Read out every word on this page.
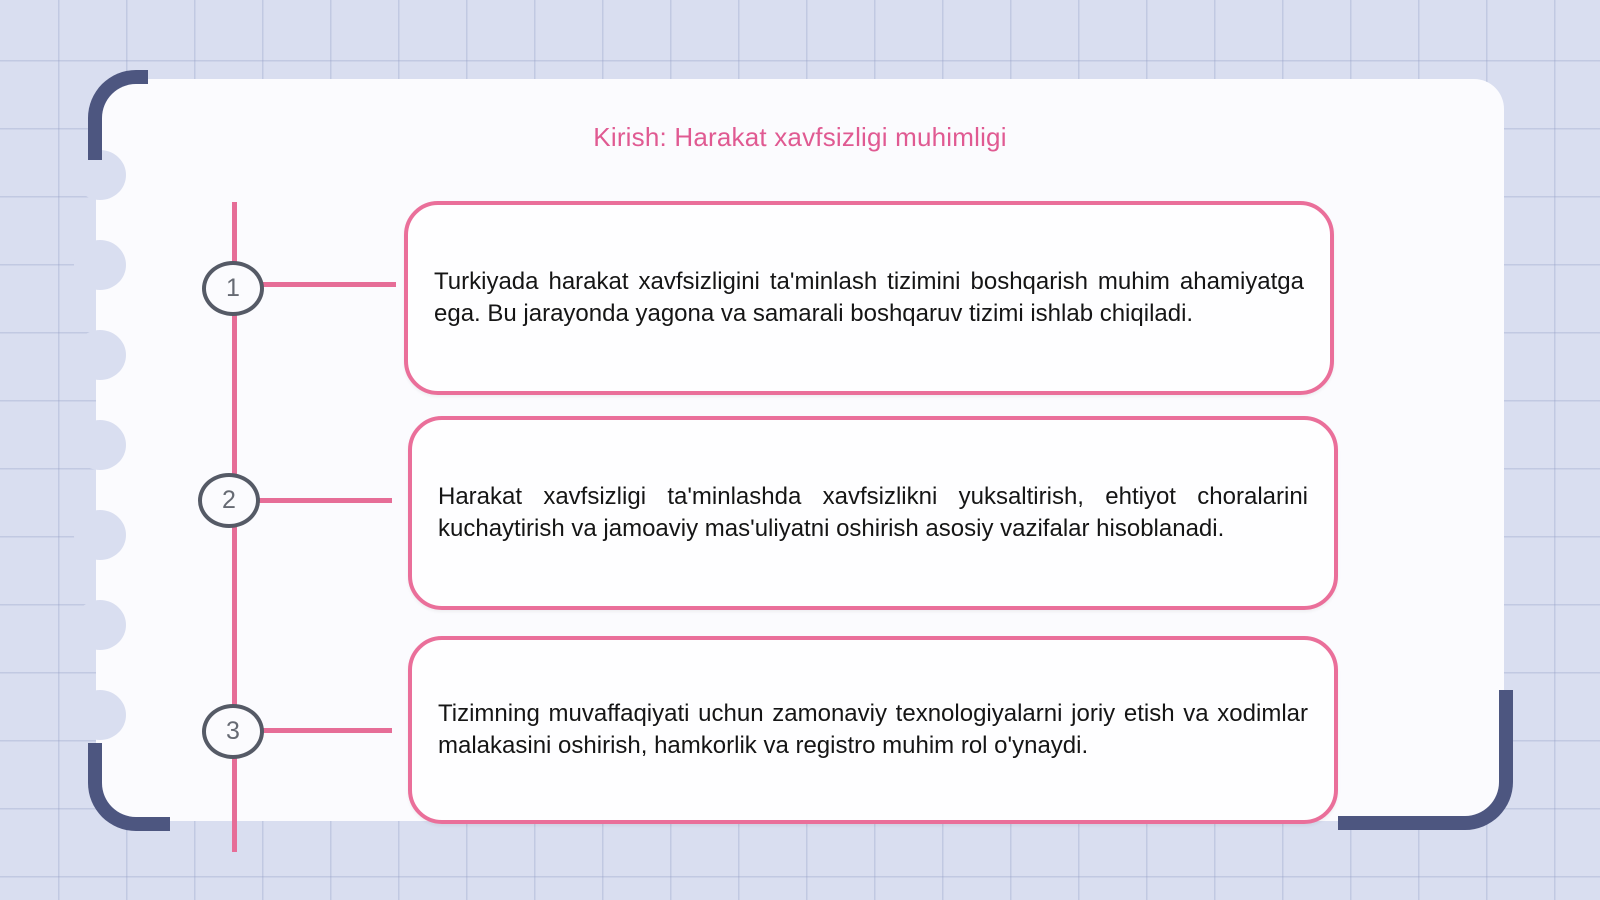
Kirish: Harakat xavfsizligi muhimligi
1
2
3
Turkiyada harakat xavfsizligini ta'minlash tizimini boshqarish muhim ahamiyatga ega. Bu jarayonda yagona va samarali boshqaruv tizimi ishlab chiqiladi.
Harakat xavfsizligi ta'minlashda xavfsizlikni yuksaltirish, ehtiyot choralarini kuchaytirish va jamoaviy mas'uliyatni oshirish asosiy vazifalar hisoblanadi.
Tizimning muvaffaqiyati uchun zamonaviy texnologiyalarni joriy etish va xodimlar malakasini oshirish, hamkorlik va registro muhim rol o'ynaydi.
